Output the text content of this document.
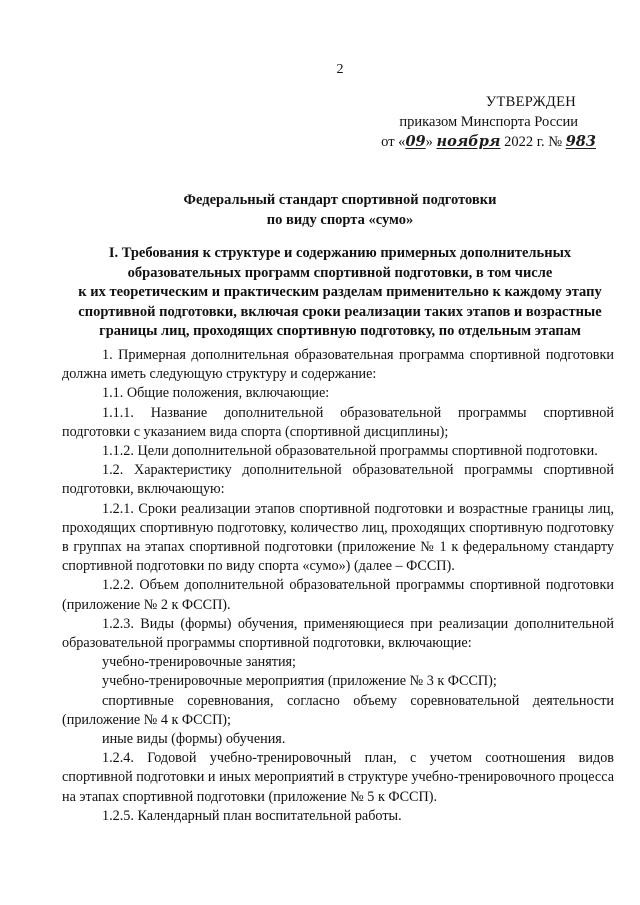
2
УТВЕРЖДЕН
приказом Минспорта России
от «09» ноября 2022 г. № 983
Федеральный стандарт спортивной подготовки
по виду спорта «сумо»
I. Требования к структуре и содержанию примерных дополнительных
образовательных программ спортивной подготовки, в том числе
к их теоретическим и практическим разделам применительно к каждому этапу
спортивной подготовки, включая сроки реализации таких этапов и возрастные
границы лиц, проходящих спортивную подготовку, по отдельным этапам

1. Примерная дополнительная образовательная программа спортивной подготовки должна иметь следующую структуру и содержание:

1.1. Общие положения, включающие:

1.1.1. Название дополнительной образовательной программы спортивной подготовки с указанием вида спорта (спортивной дисциплины);

1.1.2. Цели дополнительной образовательной программы спортивной подготовки.

1.2. Характеристику дополнительной образовательной программы спортивной подготовки, включающую:

1.2.1. Сроки реализации этапов спортивной подготовки и возрастные границы лиц, проходящих спортивную подготовку, количество лиц, проходящих спортивную подготовку в группах на этапах спортивной подготовки (приложение № 1 к федеральному стандарту спортивной подготовки по виду спорта «сумо») (далее – ФССП).

1.2.2. Объем дополнительной образовательной программы спортивной подготовки (приложение № 2 к ФССП).

1.2.3. Виды (формы) обучения, применяющиеся при реализации дополнительной образовательной программы спортивной подготовки, включающие:

учебно-тренировочные занятия;

учебно-тренировочные мероприятия (приложение № 3 к ФССП);

спортивные соревнования, согласно объему соревновательной деятельности (приложение № 4 к ФССП);

иные виды (формы) обучения.

1.2.4. Годовой учебно-тренировочный план, с учетом соотношения видов спортивной подготовки и иных мероприятий в структуре учебно-тренировочного процесса на этапах спортивной подготовки (приложение № 5 к ФССП).

1.2.5. Календарный план воспитательной работы.
